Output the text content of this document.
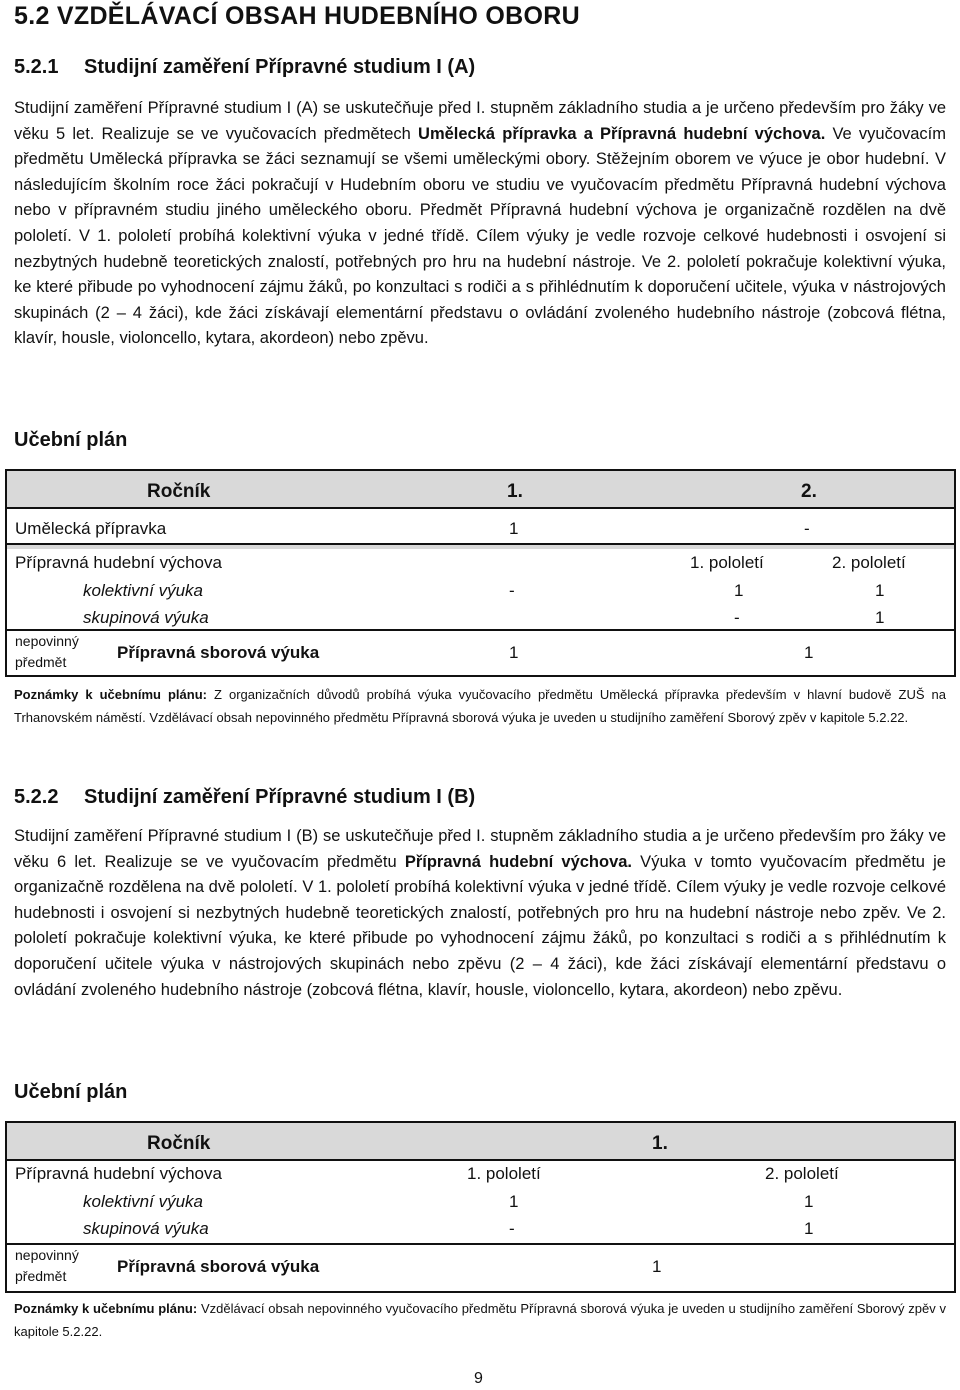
5.2 VZDĚLÁVACÍ OBSAH HUDEBNÍHO OBORU
5.2.1 Studijní zaměření Přípravné studium I (A)

Studijní zaměření Přípravné studium I (A) se uskutečňuje před I. stupněm základního studia a je určeno především pro žáky ve věku 5 let. Realizuje se ve vyučovacích předmětech Umělecká přípravka a Přípravná hudební výchova. Ve vyučovacím předmětu Umělecká přípravka se žáci seznamují se všemi uměleckými obory. Stěžejním oborem ve výuce je obor hudební. V následujícím školním roce žáci pokračují v Hudebním oboru ve studiu ve vyučovacím předmětu Přípravná hudební výchova nebo v přípravném studiu jiného uměleckého oboru. Předmět Přípravná hudební výchova je organizačně rozdělen na dvě pololetí. V 1. pololetí probíhá kolektivní výuka v jedné třídě. Cílem výuky je vedle rozvoje celkové hudebnosti i osvojení si nezbytných hudebně teoretických znalostí, potřebných pro hru na hudební nástroje. Ve 2. pololetí pokračuje kolektivní výuka, ke které přibude po vyhodnocení zájmu žáků, po konzultaci s rodiči a s přihlédnutím k doporučení učitele, výuka v nástrojových skupinách (2 – 4 žáci), kde žáci získávají elementární představu o ovládání zvoleného hudebního nástroje (zobcová flétna, klavír, housle, violoncello, kytara, akordeon) nebo zpěvu.

Učební plán

Ročník	1.	2.
Umělecká přípravka	1	-
Přípravná hudební výchova	1. pololetí	2. pololetí
kolektivní výuka	-	1	1
skupinová výuka	-	1
nepovinný
předmět	Přípravná sborová výuka	1	1

Poznámky k učebnímu plánu: Z organizačních důvodů probíhá výuka vyučovacího předmětu Umělecká přípravka především v hlavní budově ZUŠ na Trhanovském náměstí. Vzdělávací obsah nepovinného předmětu Přípravná sborová výuka je uveden u studijního zaměření Sborový zpěv v kapitole 5.2.22.

5.2.2 Studijní zaměření Přípravné studium I (B)

Studijní zaměření Přípravné studium I (B) se uskutečňuje před I. stupněm základního studia a je určeno především pro žáky ve věku 6 let. Realizuje se ve vyučovacím předmětu Přípravná hudební výchova. Výuka v tomto vyučovacím předmětu je organizačně rozdělena na dvě pololetí. V 1. pololetí probíhá kolektivní výuka v jedné třídě. Cílem výuky je vedle rozvoje celkové hudebnosti i osvojení si nezbytných hudebně teoretických znalostí, potřebných pro hru na hudební nástroje nebo zpěv. Ve 2. pololetí pokračuje kolektivní výuka, ke které přibude po vyhodnocení zájmu žáků, po konzultaci s rodiči a s přihlédnutím k doporučení učitele výuka v nástrojových skupinách nebo zpěvu (2 – 4 žáci), kde žáci získávají elementární představu o ovládání zvoleného hudebního nástroje (zobcová flétna, klavír, housle, violoncello, kytara, akordeon) nebo zpěvu.

Učební plán

Ročník	1.
Přípravná hudební výchova	1. pololetí	2. pololetí
kolektivní výuka	1	1
skupinová výuka	-	1
nepovinný
předmět	Přípravná sborová výuka	1

Poznámky k učebnímu plánu: Vzdělávací obsah nepovinného vyučovacího předmětu Přípravná sborová výuka je uveden u studijního zaměření Sborový zpěv v kapitole 5.2.22.

9
